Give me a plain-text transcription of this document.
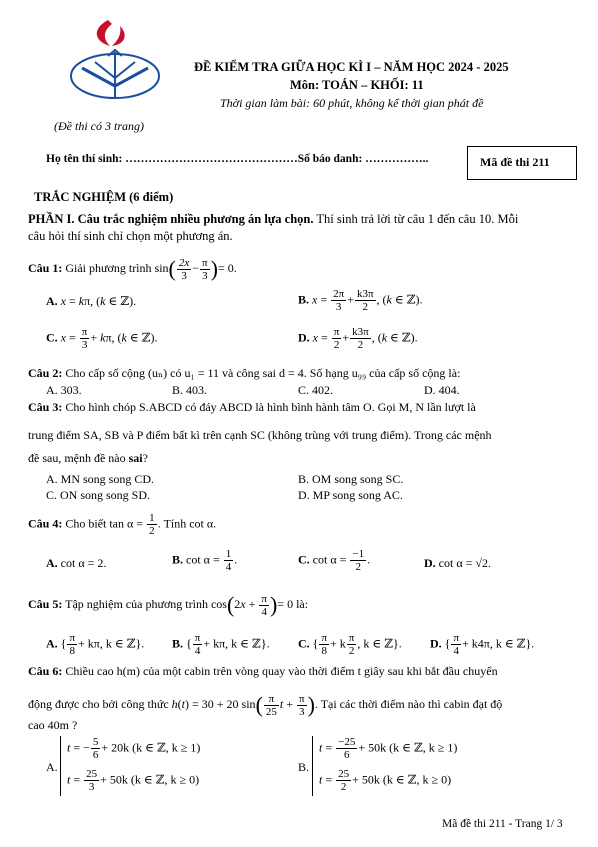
ĐỀ KIỂM TRA GIỮA HỌC KÌ I – NĂM HỌC 2024 - 2025
Môn: TOÁN – KHỐI: 11
Thời gian làm bài: 60 phút, không kể thời gian phát đề
(Đề thi có 3 trang)
Họ tên thí sinh: ………………………………………Số báo danh: ……………..	Mã đề thi 211
TRẮC NGHIỆM (6 điểm)
PHẦN I. Câu trắc nghiệm nhiều phương án lựa chọn. Thí sinh trả lời từ câu 1 đến câu 10. Mỗi
câu hỏi thí sinh chỉ chọn một phương án.
Câu 1: Giải phương trình $\sin( \frac{2x}{3} - \frac{\pi}{3}$ )= 0.
A. x = kπ, (k ∈ ℤ).	B. $x = \frac{2\pi}{3} + \frac{k3\pi}{2}$ , (k ∈ ℤ).
C. $x = \frac{\pi}{3} + k\pi$, (k ∈ ℤ).	D. $x = \frac{\pi}{2} + \frac{k3\pi}{2}$ , (k ∈ ℤ).
Câu 2: Cho cấp số cộng (uₙ) có u₁ = 11 và công sai d = 4. Số hạng u₉₉ của cấp số cộng là:
A. 303.	B. 403.	C. 402.	D. 404.
Câu 3: Cho hình chóp S.ABCD có đáy ABCD là hình bình hành tâm O. Gọi M, N lần lượt là
trung điểm SA, SB và P điểm bất kì trên cạnh SC (không trùng với trung điểm). Trong các mệnh
đề sau, mệnh đề nào sai?
A. MN song song CD.	B. OM song song SC.
C. ON song song SD.	D. MP song song AC.
Câu 4: Cho biết $\tan \alpha = \frac{1}{2}$ . Tính cot α.
A. cot α = 2.	B. $\cot \alpha = \frac{1}{4}$ .	C. $\cot \alpha = \frac{-1}{2}$ .	D. cot α = √2.
Câu 5: Tập nghiệm của phương trình $\cos(2x + \frac{\pi}{4}$ )= 0 là:
A. { $\frac{\pi}{8} + k\pi$, k ∈ ℤ}. B. { $\frac{\pi}{4} + k\pi$, k ∈ ℤ}. C. { $\frac{\pi}{8} + k \frac{\pi}{2}$ , k ∈ ℤ}. D. { $\frac{\pi}{4} + k4\pi$, k ∈ ℤ}.
Câu 6: Chiều cao h(m) của một cabin trên vòng quay vào thời điểm t giây sau khi bắt đầu chuyển
động được cho bởi công thức h(t) = 30 + 20 $\sin( \frac{\pi}{25}$ $t + \frac{\pi}{3}$ ). Tại các thời điểm nào thì cabin đạt độ
cao 40m ?
A.
t = − $\frac{5}{6} + 20k$ (k ∈ ℤ, k ≥ 1)
$t = \frac{25}{3} + 50k$ (k ∈ ℤ, k ≥ 0)
B.
$t = \frac{-25}{6} + 50k$ (k ∈ ℤ, k ≥ 1)
$t = \frac{25}{2} + 50k$ (k ∈ ℤ, k ≥ 0)
Mã đề thi 211 - Trang 1/ 3
